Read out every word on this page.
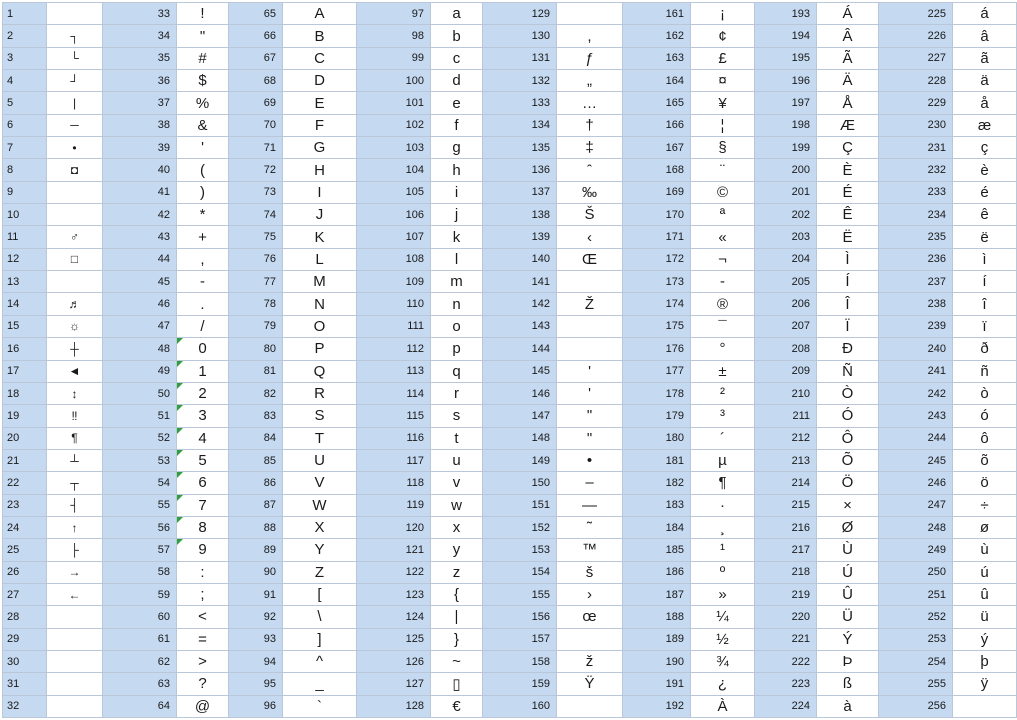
1		33	!	65	A	97	a	129		161	¡	193	Á	225	á
2	┐	34	"	66	B	98	b	130	,	162	¢	194	Â	226	â
3	└	35	#	67	C	99	c	131	ƒ	163	£	195	Ã	227	ã
4	┘	36	$	68	D	100	d	132	„	164	¤	196	Ä	228	ä
5	|	37	%	69	E	101	e	133	…	165	¥	197	Å	229	å
6	─	38	&	70	F	102	f	134	†	166	¦	198	Æ	230	æ
7	•	39	'	71	G	103	g	135	‡	167	§	199	Ç	231	ç
8	◘	40	(	72	H	104	h	136	ˆ	168	¨	200	È	232	è
9		41	)	73	I	105	i	137	‰	169	©	201	É	233	é
10		42	*	74	J	106	j	138	Š	170	ª	202	Ê	234	ê
11	♂	43	+	75	K	107	k	139	‹	171	«	203	Ë	235	ë
12	□	44	,	76	L	108	l	140	Œ	172	¬	204	Ì	236	ì
13		45	-	77	M	109	m	141		173	-	205	Í	237	í
14	♬	46	.	78	N	110	n	142	Ž	174	®	206	Î	238	î
15	☼	47	/	79	O	111	o	143		175	¯	207	Ï	239	ï
16	┼	48	0	80	P	112	p	144		176	°	208	Ð	240	ð
17	◄	49	1	81	Q	113	q	145	'	177	±	209	Ñ	241	ñ
18	↕	50	2	82	R	114	r	146	'	178	²	210	Ò	242	ò
19	‼	51	3	83	S	115	s	147	"	179	³	211	Ó	243	ó
20	¶	52	4	84	T	116	t	148	"	180	´	212	Ô	244	ô
21	┴	53	5	85	U	117	u	149	•	181	µ	213	Õ	245	õ
22	┬	54	6	86	V	118	v	150	–	182	¶	214	Ö	246	ö
23	┤	55	7	87	W	119	w	151	—	183	·	215	×	247	÷
24	↑	56	8	88	X	120	x	152	˜	184	¸	216	Ø	248	ø
25	├	57	9	89	Y	121	y	153	™	185	¹	217	Ù	249	ù
26	→	58	:	90	Z	122	z	154	š	186	º	218	Ú	250	ú
27	←	59	;	91	[	123	{	155	›	187	»	219	Û	251	û
28		60	<	92	\	124	|	156	œ	188	¼	220	Ü	252	ü
29		61	=	93	]	125	}	157		189	½	221	Ý	253	ý
30		62	>	94	^	126	~	158	ž	190	¾	222	Þ	254	þ
31		63	?	95	_	127	▯	159	Ÿ	191	¿	223	ß	255	ÿ
32		64	@	96	`	128	€	160		192	À	224	à	256	
